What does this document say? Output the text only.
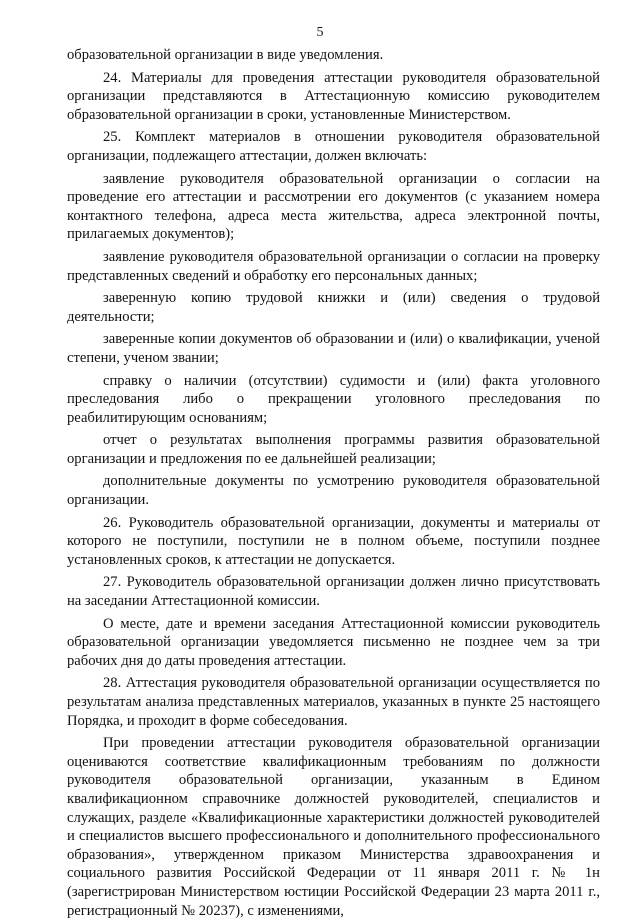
5

образовательной организации в виде уведомления.

24. Материалы для проведения аттестации руководителя образовательной организации представляются в Аттестационную комиссию руководителем образовательной организации в сроки, установленные Министерством.

25. Комплект материалов в отношении руководителя образовательной организации, подлежащего аттестации, должен включать:

заявление руководителя образовательной организации о согласии на проведение его аттестации и рассмотрении его документов (с указанием номера контактного телефона, адреса места жительства, адреса электронной почты, прилагаемых документов);

заявление руководителя образовательной организации о согласии на проверку представленных сведений и обработку его персональных данных;

заверенную копию трудовой книжки и (или) сведения о трудовой деятельности;

заверенные копии документов об образовании и (или) о квалификации, ученой степени, ученом звании;

справку о наличии (отсутствии) судимости и (или) факта уголовного преследования либо о прекращении уголовного преследования по реабилитирующим основаниям;

отчет о результатах выполнения программы развития образовательной организации и предложения по ее дальнейшей реализации;

дополнительные документы по усмотрению руководителя образовательной организации.

26. Руководитель образовательной организации, документы и материалы от которого не поступили, поступили не в полном объеме, поступили позднее установленных сроков, к аттестации не допускается.

27. Руководитель образовательной организации должен лично присутствовать на заседании Аттестационной комиссии.

О месте, дате и времени заседания Аттестационной комиссии руководитель образовательной организации уведомляется письменно не позднее чем за три рабочих дня до даты проведения аттестации.

28. Аттестация руководителя образовательной организации осуществляется по результатам анализа представленных материалов, указанных в пункте 25 настоящего Порядка, и проходит в форме собеседования.

При проведении аттестации руководителя образовательной организации оцениваются соответствие квалификационным требованиям по должности руководителя образовательной организации, указанным в Едином квалификационном справочнике должностей руководителей, специалистов и служащих, разделе «Квалификационные характеристики должностей руководителей и специалистов высшего профессионального и дополнительного профессионального образования», утвержденном приказом Министерства здравоохранения и социального развития Российской Федерации от 11 января 2011 г. № 1н (зарегистрирован Министерством юстиции Российской Федерации 23 марта 2011 г., регистрационный № 20237), с изменениями,
